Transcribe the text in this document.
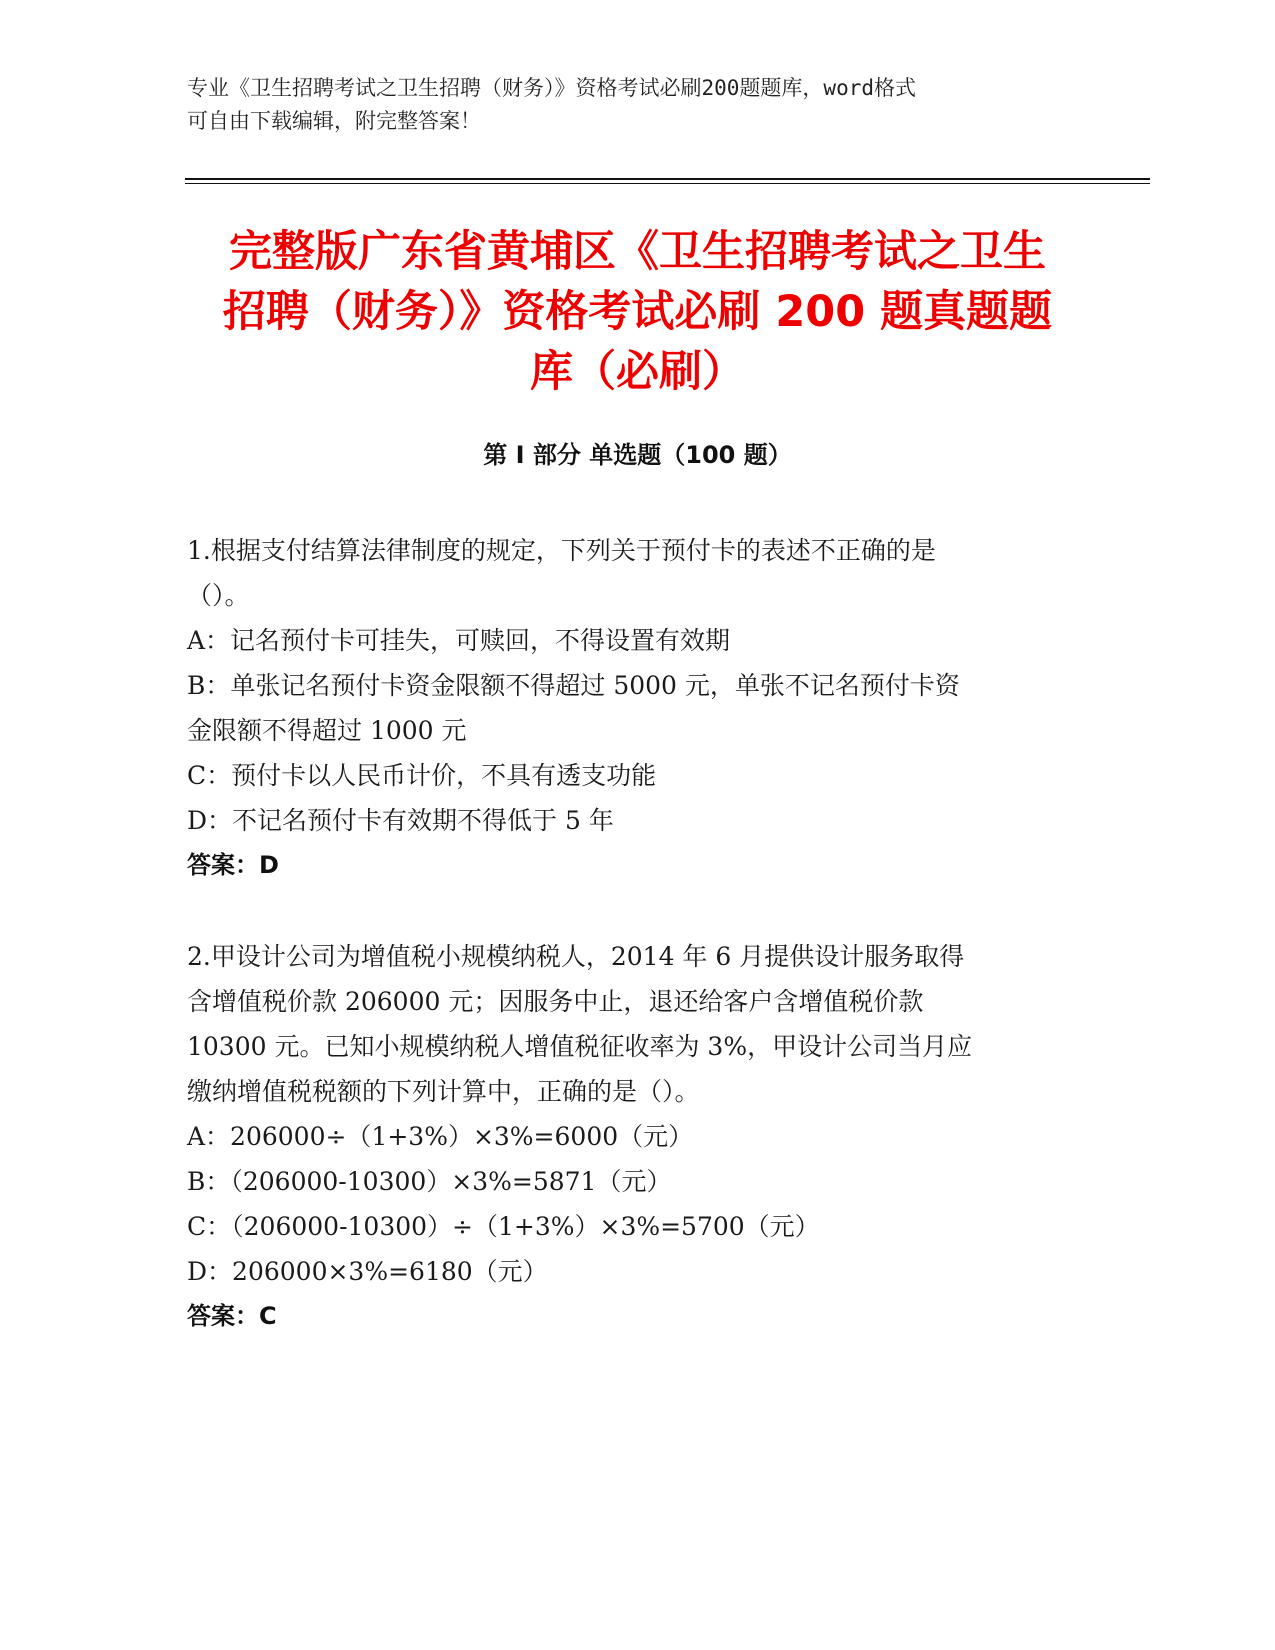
专业《卫生招聘考试之卫生招聘（财务）》资格考试必刷200题题库，word格式

可自由下载编辑，附完整答案！

完整版广东省黄埔区《卫生招聘考试之卫生

招聘（财务）》资格考试必刷 200 题真题题

库（必刷）

第 I 部分 单选题（100 题）

1.根据支付结算法律制度的规定，下列关于预付卡的表述不正确的是

（）。

A：记名预付卡可挂失，可赎回，不得设置有效期

B：单张记名预付卡资金限额不得超过 5000 元，单张不记名预付卡资

金限额不得超过 1000 元

C：预付卡以人民币计价，不具有透支功能

D：不记名预付卡有效期不得低于 5 年

答案：D

2.甲设计公司为增值税小规模纳税人，2014 年 6 月提供设计服务取得

含增值税价款 206000 元；因服务中止，退还给客户含增值税价款

10300 元。已知小规模纳税人增值税征收率为 3%，甲设计公司当月应

缴纳增值税税额的下列计算中，正确的是（）。

A：206000÷（1+3%）×3%=6000（元）

B：（206000-10300）×3%=5871（元）

C：（206000-10300）÷（1+3%）×3%=5700（元）

D：206000×3%=6180（元）

答案：C
